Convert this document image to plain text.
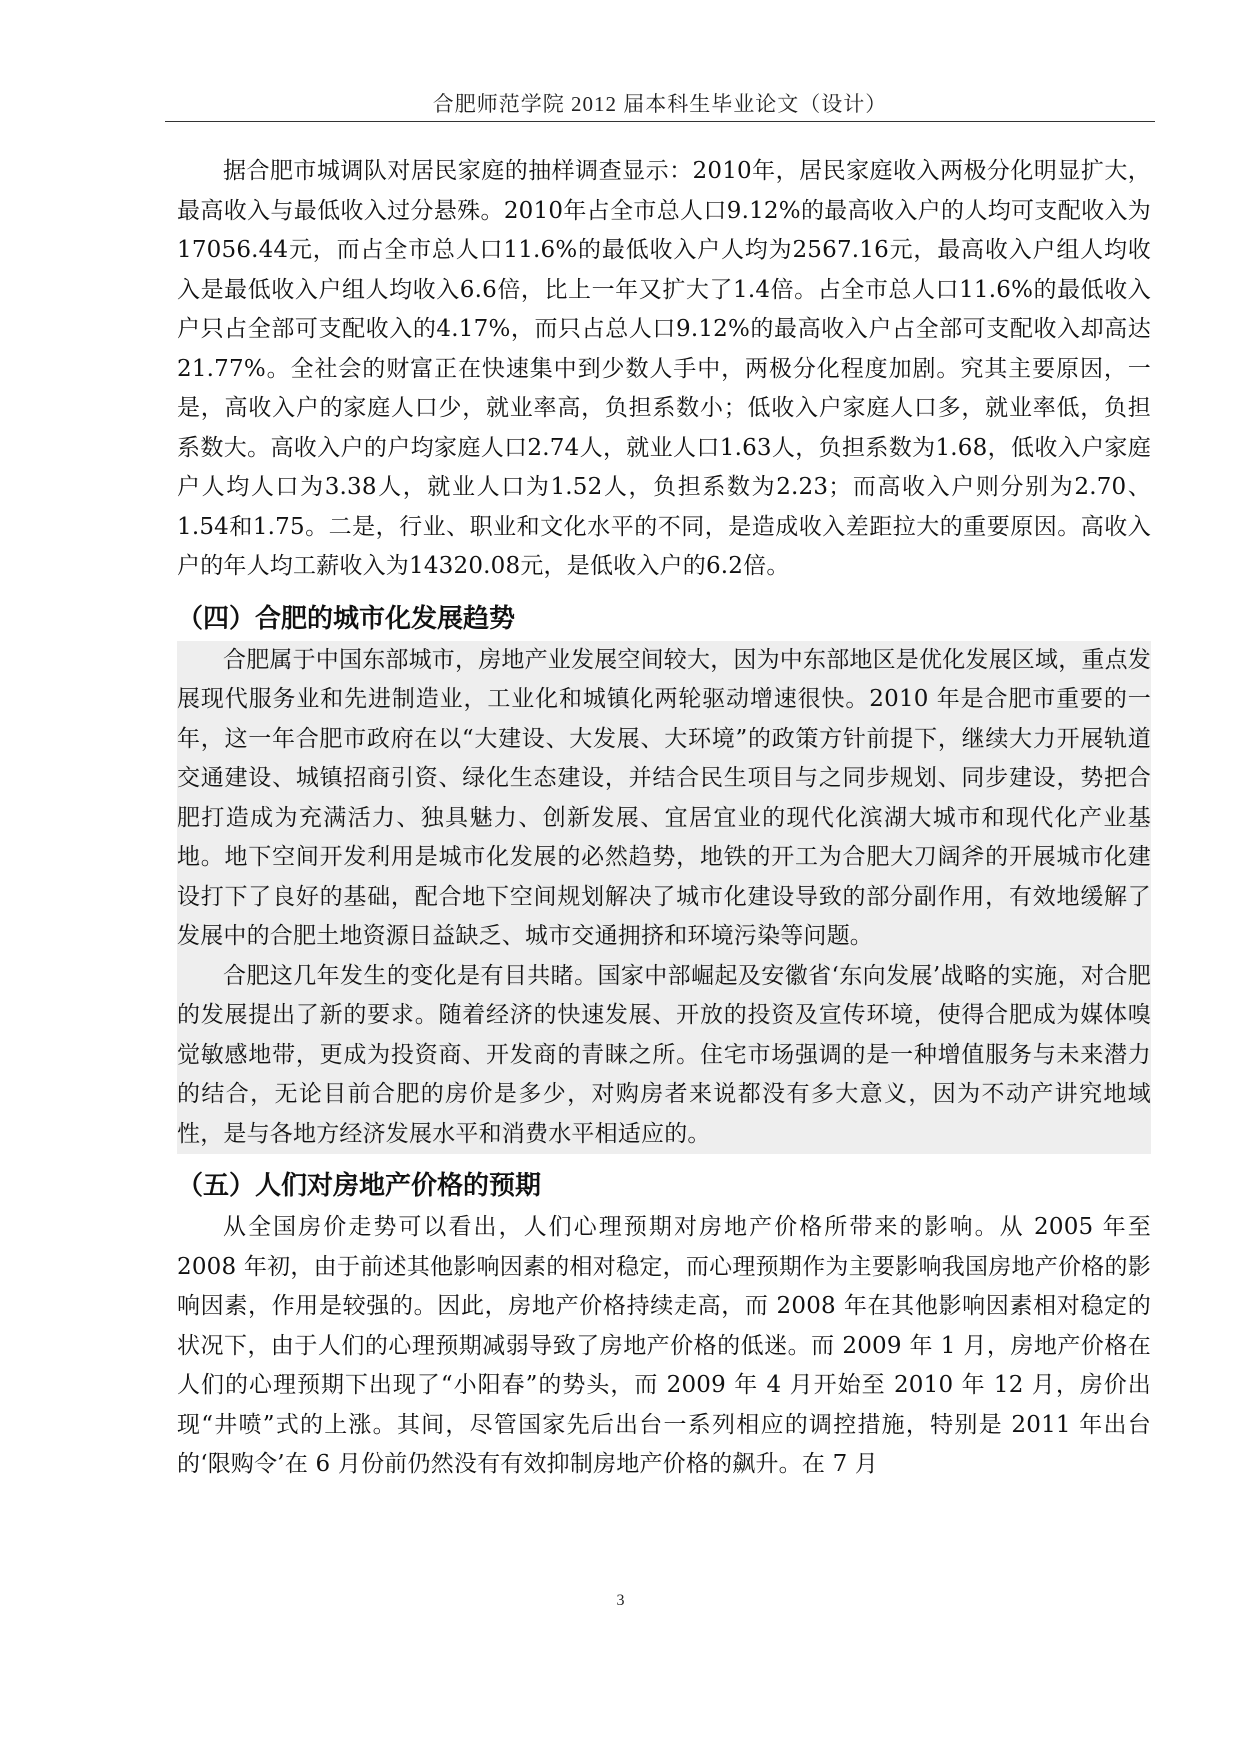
合肥师范学院 2012 届本科生毕业论文（设计）

据合肥市城调队对居民家庭的抽样调查显示：2010年，居民家庭收入两极分化明显扩大，最高收入与最低收入过分悬殊。2010年占全市总人口9.12%的最高收入户的人均可支配收入为17056.44元，而占全市总人口11.6%的最低收入户人均为2567.16元，最高收入户组人均收入是最低收入户组人均收入6.6倍，比上一年又扩大了1.4倍。占全市总人口11.6%的最低收入户只占全部可支配收入的4.17%，而只占总人口9.12%的最高收入户占全部可支配收入却高达21.77%。全社会的财富正在快速集中到少数人手中，两极分化程度加剧。究其主要原因，一是，高收入户的家庭人口少，就业率高，负担系数小；低收入户家庭人口多，就业率低，负担系数大。高收入户的户均家庭人口2.74人，就业人口1.63人，负担系数为1.68，低收入户家庭户人均人口为3.38人，就业人口为1.52人，负担系数为2.23；而高收入户则分别为2.70、1.54和1.75。二是，行业、职业和文化水平的不同，是造成收入差距拉大的重要原因。高收入户的年人均工薪收入为14320.08元，是低收入户的6.2倍。

（四）合肥的城市化发展趋势

合肥属于中国东部城市，房地产业发展空间较大，因为中东部地区是优化发展区域，重点发展现代服务业和先进制造业，工业化和城镇化两轮驱动增速很快。2010 年是合肥市重要的一年，这一年合肥市政府在以“大建设、大发展、大环境”的政策方针前提下，继续大力开展轨道交通建设、城镇招商引资、绿化生态建设，并结合民生项目与之同步规划、同步建设，势把合肥打造成为充满活力、独具魅力、创新发展、宜居宜业的现代化滨湖大城市和现代化产业基地。地下空间开发利用是城市化发展的必然趋势，地铁的开工为合肥大刀阔斧的开展城市化建设打下了良好的基础，配合地下空间规划解决了城市化建设导致的部分副作用，有效地缓解了发展中的合肥土地资源日益缺乏、城市交通拥挤和环境污染等问题。

合肥这几年发生的变化是有目共睹。国家中部崛起及安徽省‘东向发展’战略的实施，对合肥的发展提出了新的要求。随着经济的快速发展、开放的投资及宣传环境，使得合肥成为媒体嗅觉敏感地带，更成为投资商、开发商的青睐之所。住宅市场强调的是一种增值服务与未来潜力的结合，无论目前合肥的房价是多少，对购房者来说都没有多大意义，因为不动产讲究地域性，是与各地方经济发展水平和消费水平相适应的。

（五）人们对房地产价格的预期

从全国房价走势可以看出，人们心理预期对房地产价格所带来的影响。从 2005 年至 2008 年初，由于前述其他影响因素的相对稳定，而心理预期作为主要影响我国房地产价格的影响因素，作用是较强的。因此，房地产价格持续走高，而 2008 年在其他影响因素相对稳定的状况下，由于人们的心理预期减弱导致了房地产价格的低迷。而 2009 年 1 月，房地产价格在人们的心理预期下出现了“小阳春”的势头，而 2009 年 4 月开始至 2010 年 12 月，房价出现“井喷”式的上涨。其间，尽管国家先后出台一系列相应的调控措施，特别是 2011 年出台的‘限购令’在 6 月份前仍然没有有效抑制房地产价格的飙升。在 7 月

3
